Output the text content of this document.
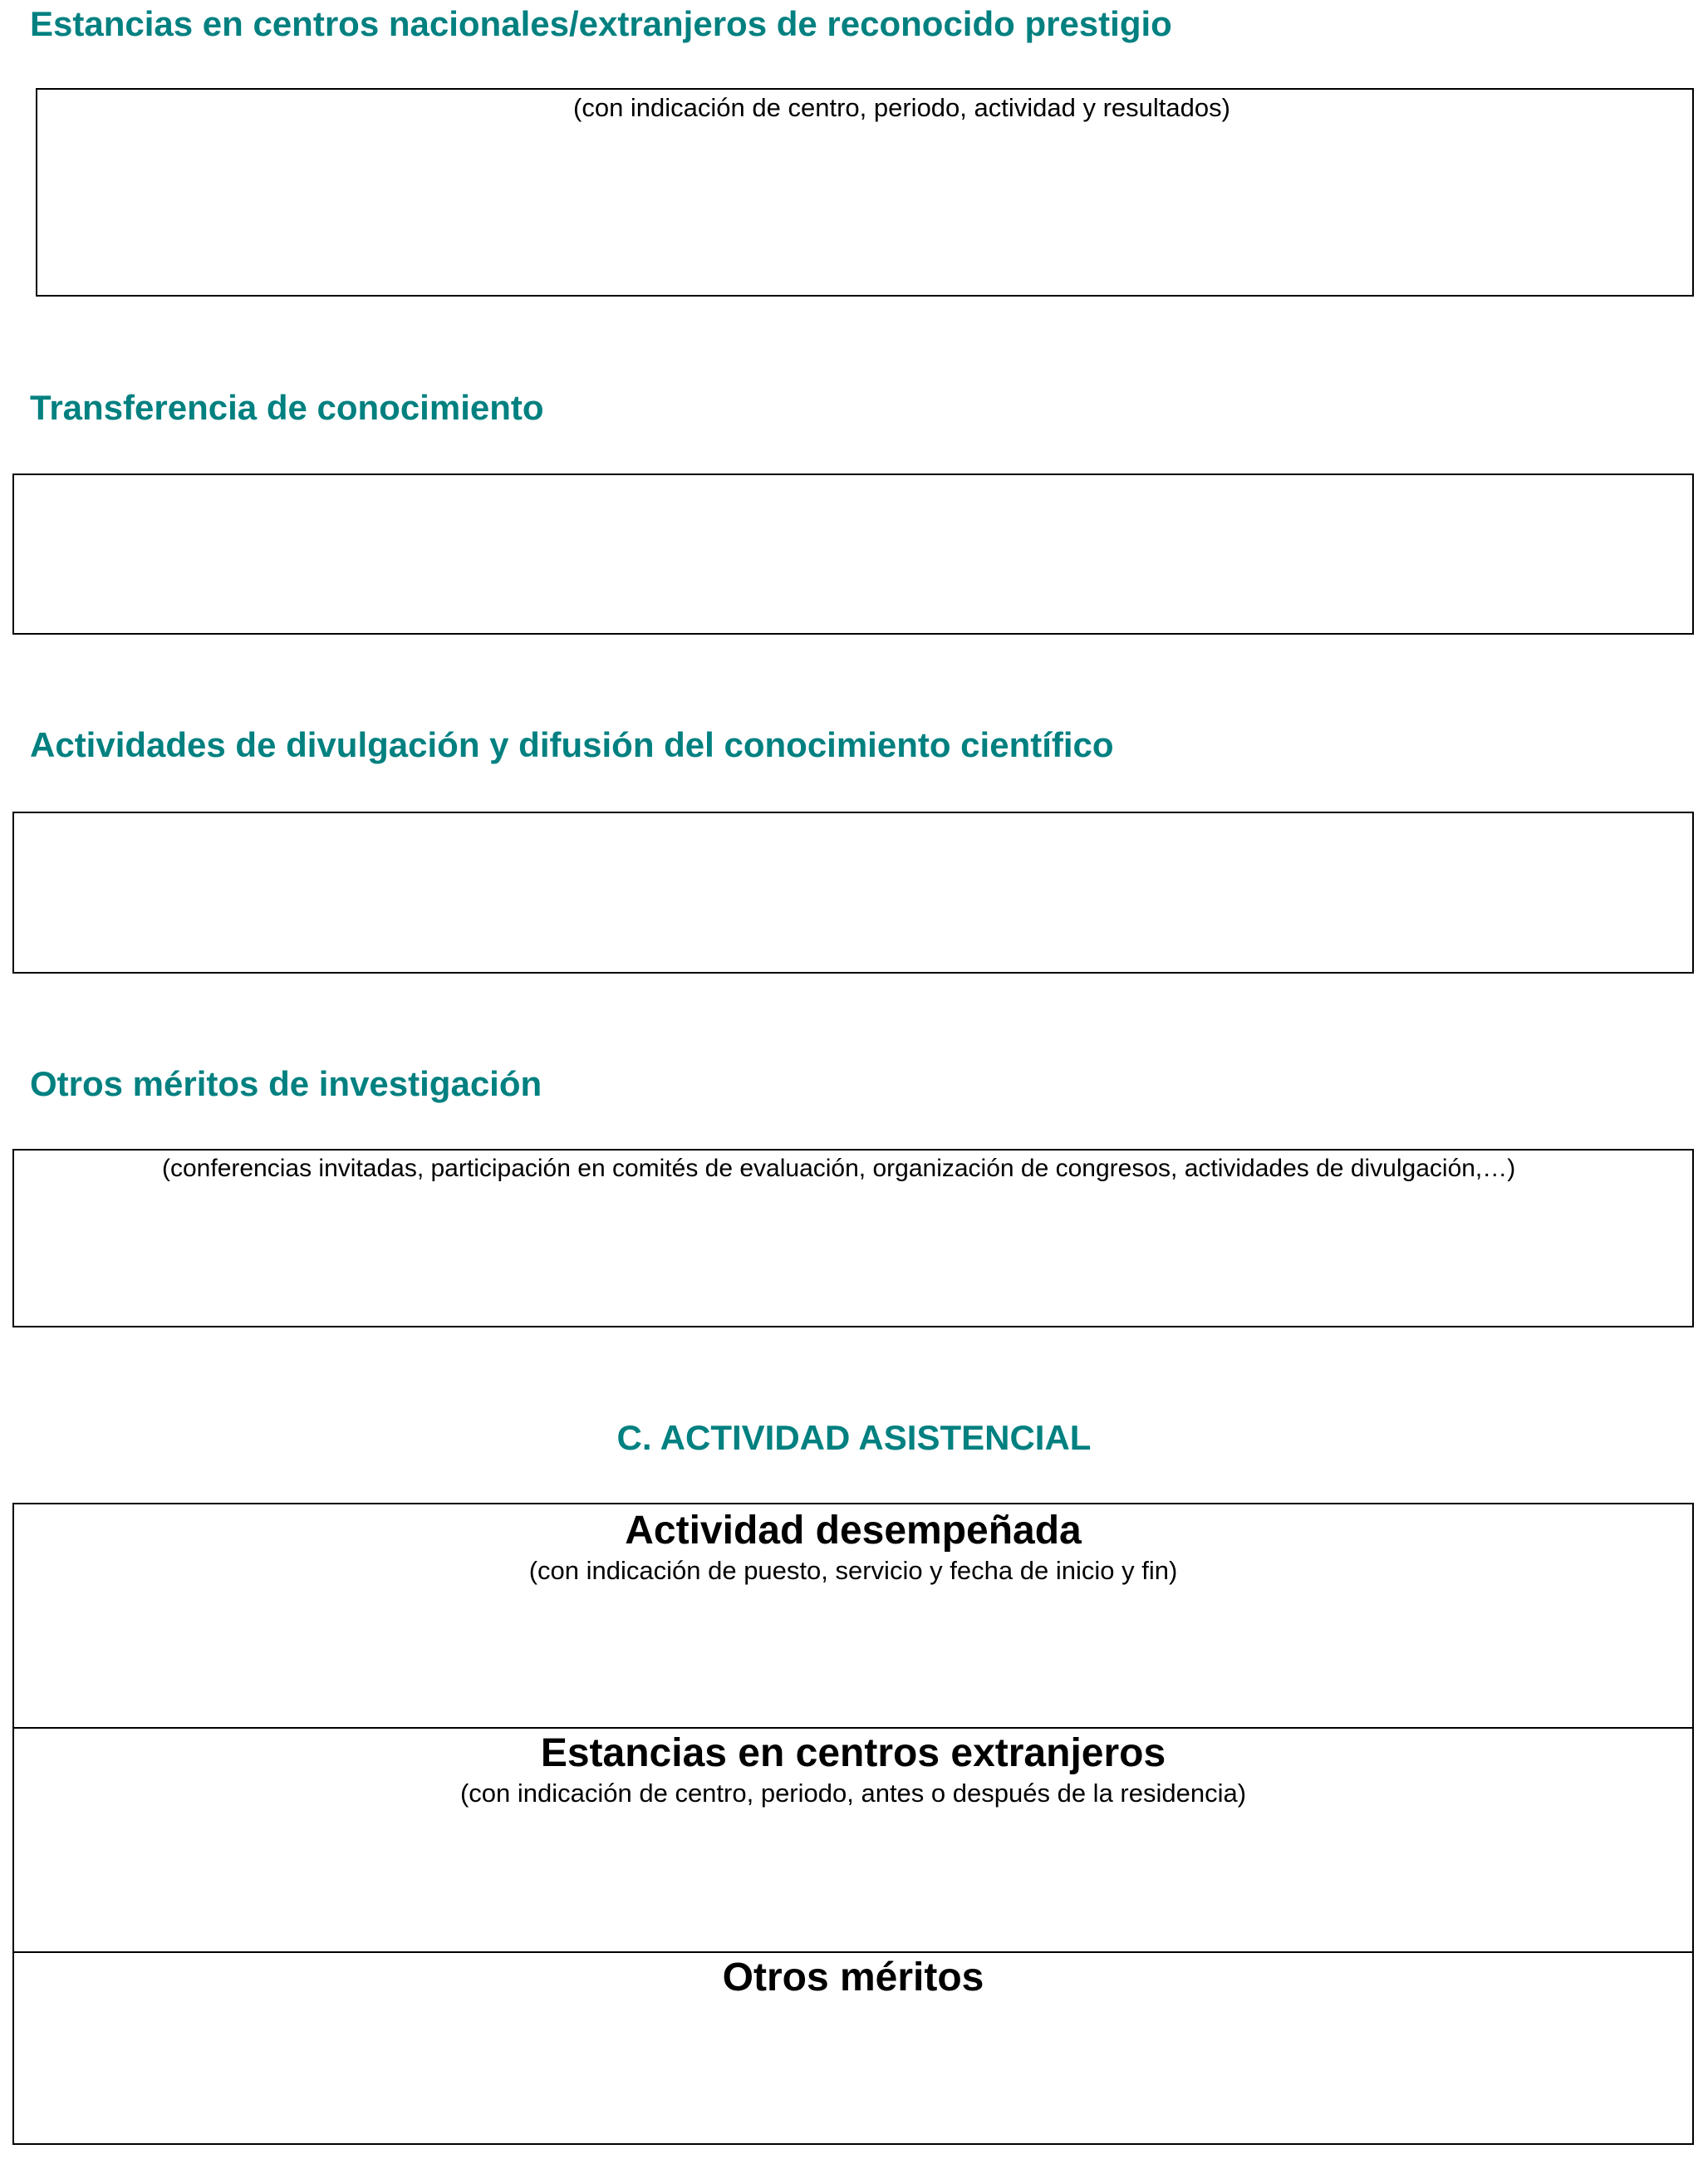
Estancias en centros nacionales/extranjeros de reconocido prestigio
(con indicación de centro, periodo, actividad y resultados)
Transferencia de conocimiento
Actividades de divulgación y difusión del conocimiento científico
Otros méritos de investigación
(conferencias invitadas, participación en comités de evaluación, organización de congresos, actividades de divulgación,…)
C. ACTIVIDAD ASISTENCIAL
Actividad desempeñada
(con indicación de puesto, servicio y fecha de inicio y fin)
Estancias en centros extranjeros
(con indicación de centro, periodo, antes o después de la residencia)
Otros méritos
